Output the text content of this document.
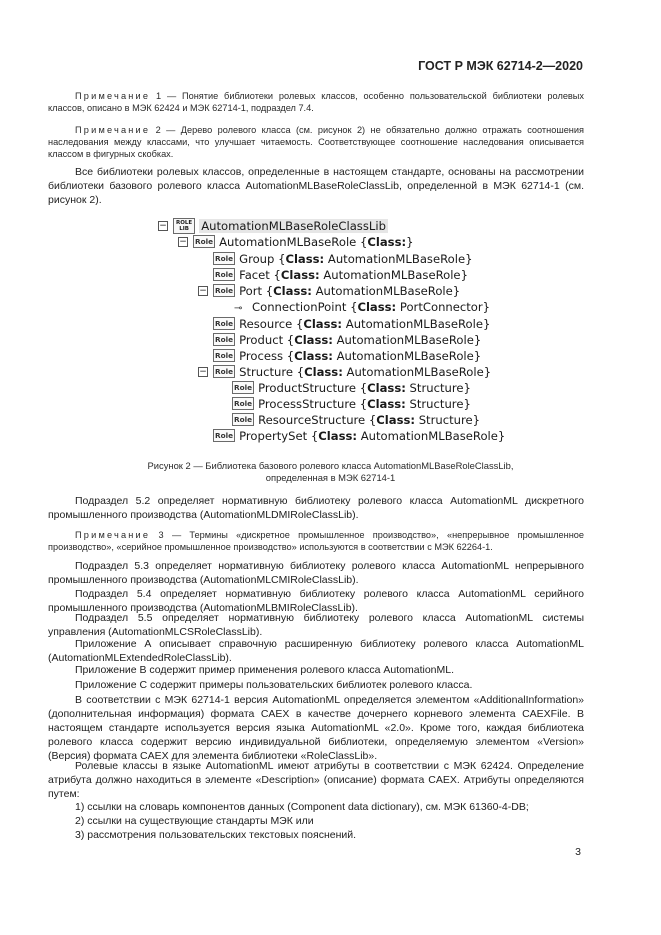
ГОСТ Р МЭК 62714-2—2020
Примечание 1 — Понятие библиотеки ролевых классов, особенно пользовательской библиотеки ролевых классов, описано в МЭК 62424 и МЭК 62714-1, подраздел 7.4.
Примечание 2 — Дерево ролевого класса (см. рисунок 2) не обязательно должно отражать соотношения наследования между классами, что улучшает читаемость. Соответствующее соотношение наследования описывается классом в фигурных скобках.
Все библиотеки ролевых классов, определенные в настоящем стандарте, основаны на рассмотрении библиотеки базового ролевого класса AutomationMLBaseRoleClassLib, определенной в МЭК 62714-1 (см. рисунок 2).
− ROLE
LIB AutomationMLBaseRoleClassLib
− Role AutomationMLBaseRole {Class:}
Role Group {Class: AutomationMLBaseRole}
Role Facet {Class: AutomationMLBaseRole}
− Role Port {Class: AutomationMLBaseRole}
⊸ ConnectionPoint {Class: PortConnector}
Role Resource {Class: AutomationMLBaseRole}
Role Product {Class: AutomationMLBaseRole}
Role Process {Class: AutomationMLBaseRole}
− Role Structure {Class: AutomationMLBaseRole}
Role ProductStructure {Class: Structure}
Role ProcessStructure {Class: Structure}
Role ResourceStructure {Class: Structure}
Role PropertySet {Class: AutomationMLBaseRole}
Рисунок 2 — Библиотека базового ролевого класса AutomationMLBaseRoleClassLib,
определенная в МЭК 62714-1
Подраздел 5.2 определяет нормативную библиотеку ролевого класса AutomationML дискретного промышленного производства (AutomationMLDMIRoleClassLib).
Примечание 3 — Термины «дискретное промышленное производство», «непрерывное промышленное производство», «серийное промышленное производство» используются в соответствии с МЭК 62264-1.
Подраздел 5.3 определяет нормативную библиотеку ролевого класса AutomationML непрерывного промышленного производства (AutomationMLCMIRoleClassLib).
Подраздел 5.4 определяет нормативную библиотеку ролевого класса AutomationML серийного промышленного производства (AutomationMLBMIRoleClassLib).
Подраздел 5.5 определяет нормативную библиотеку ролевого класса AutomationML системы управления (AutomationMLCSRoleClassLib).
Приложение А описывает справочную расширенную библиотеку ролевого класса AutomationML (AutomationMLExtendedRoleClassLib).
Приложение B содержит пример применения ролевого класса AutomationML.
Приложение C содержит примеры пользовательских библиотек ролевого класса.
В соответствии с МЭК 62714-1 версия AutomationML определяется элементом «AdditionalInformation» (дополнительная информация) формата CAEX в качестве дочернего корневого элемента CAEXFile. В настоящем стандарте используется версия языка AutomationML «2.0». Кроме того, каждая библиотека ролевого класса содержит версию индивидуальной библиотеки, определяемую элементом «Version» (Версия) формата CAEX для элемента библиотеки «RoleClassLib».
Ролевые классы в языке AutomationML имеют атрибуты в соответствии с МЭК 62424. Определение атрибута должно находиться в элементе «Description» (описание) формата CAEX. Атрибуты определяются путем:
1) ссылки на словарь компонентов данных (Component data dictionary), см. МЭК 61360-4-DB;
2) ссылки на существующие стандарты МЭК или
3) рассмотрения пользовательских текстовых пояснений.
3
